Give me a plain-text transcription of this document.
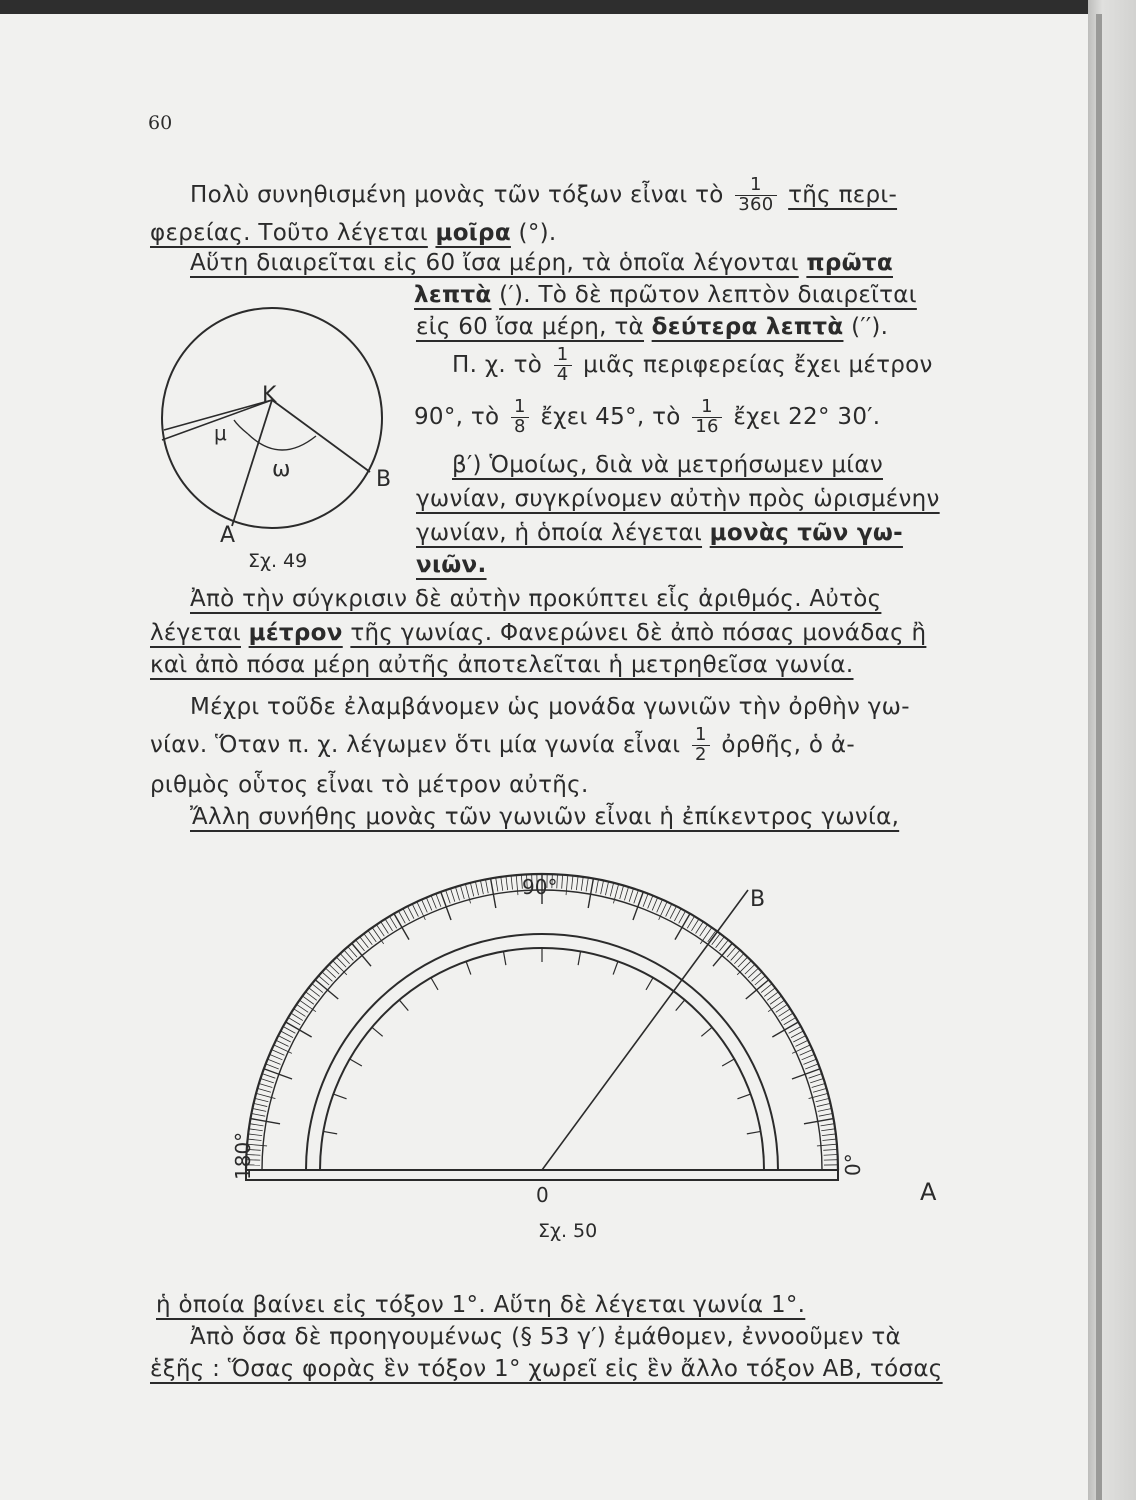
60
Πολὺ συνηθισμένη μονὰς τῶν τόξων εἶναι τὸ $\frac{1}{360}$ τῆς περι-
φερείας. Τοῦτο λέγεται μοῖρα (°).
Αὕτη διαιρεῖται εἰς 60 ἴσα μέρη, τὰ ὁποῖα λέγονται πρῶτα
λεπτὰ (′). Τὸ δὲ πρῶτον λεπτὸν διαιρεῖται
εἰς 60 ἴσα μέρη, τὰ δεύτερα λεπτὰ (′′).
Π. χ. τὸ $\frac{1}{4}$ μιᾶς περιφερείας ἔχει μέτρον
90°, τὸ $\frac{1}{8}$ ἔχει 45°, τὸ $\frac{1}{16}$ ἔχει 22° 30′.
β′) Ὁμοίως, διὰ νὰ μετρήσωμεν μίαν
γωνίαν, συγκρίνομεν αὐτὴν πρὸς ὡρισμένην
γωνίαν, ἡ ὁποία λέγεται μονὰς τῶν γω-
νιῶν.
Ἀπὸ τὴν σύγκρισιν δὲ αὐτὴν προκύπτει εἷς ἀριθμός. Αὐτὸς
λέγεται μέτρον τῆς γωνίας. Φανερώνει δὲ ἀπὸ πόσας μονάδας ἢ
καὶ ἀπὸ πόσα μέρη αὐτῆς ἀποτελεῖται ἡ μετρηθεῖσα γωνία.
Μέχρι τοῦδε ἐλαμβάνομεν ὡς μονάδα γωνιῶν τὴν ὀρθὴν γω-
νίαν. Ὅταν π. χ. λέγωμεν ὅτι μία γωνία εἶναι $\frac{1}{2}$ ὀρθῆς, ὁ ἀ-
ριθμὸς οὗτος εἶναι τὸ μέτρον αὐτῆς.
Ἄλλη συνήθης μονὰς τῶν γωνιῶν εἶναι ἡ ἐπίκεντρος γωνία,
K
μ
ω
A
B
Σχ. 49
90°	B
180°	0°
0	A
Σχ. 50
ἡ ὁποία βαίνει εἰς τόξον 1°. Αὕτη δὲ λέγεται γωνία 1°.
Ἀπὸ ὅσα δὲ προηγουμένως (§ 53 γ′) ἐμάθομεν, ἐννοοῦμεν τὰ
ἑξῆς : Ὅσας φορὰς ἓν τόξον 1° χωρεῖ εἰς ἓν ἄλλο τόξον ΑΒ, τόσας
